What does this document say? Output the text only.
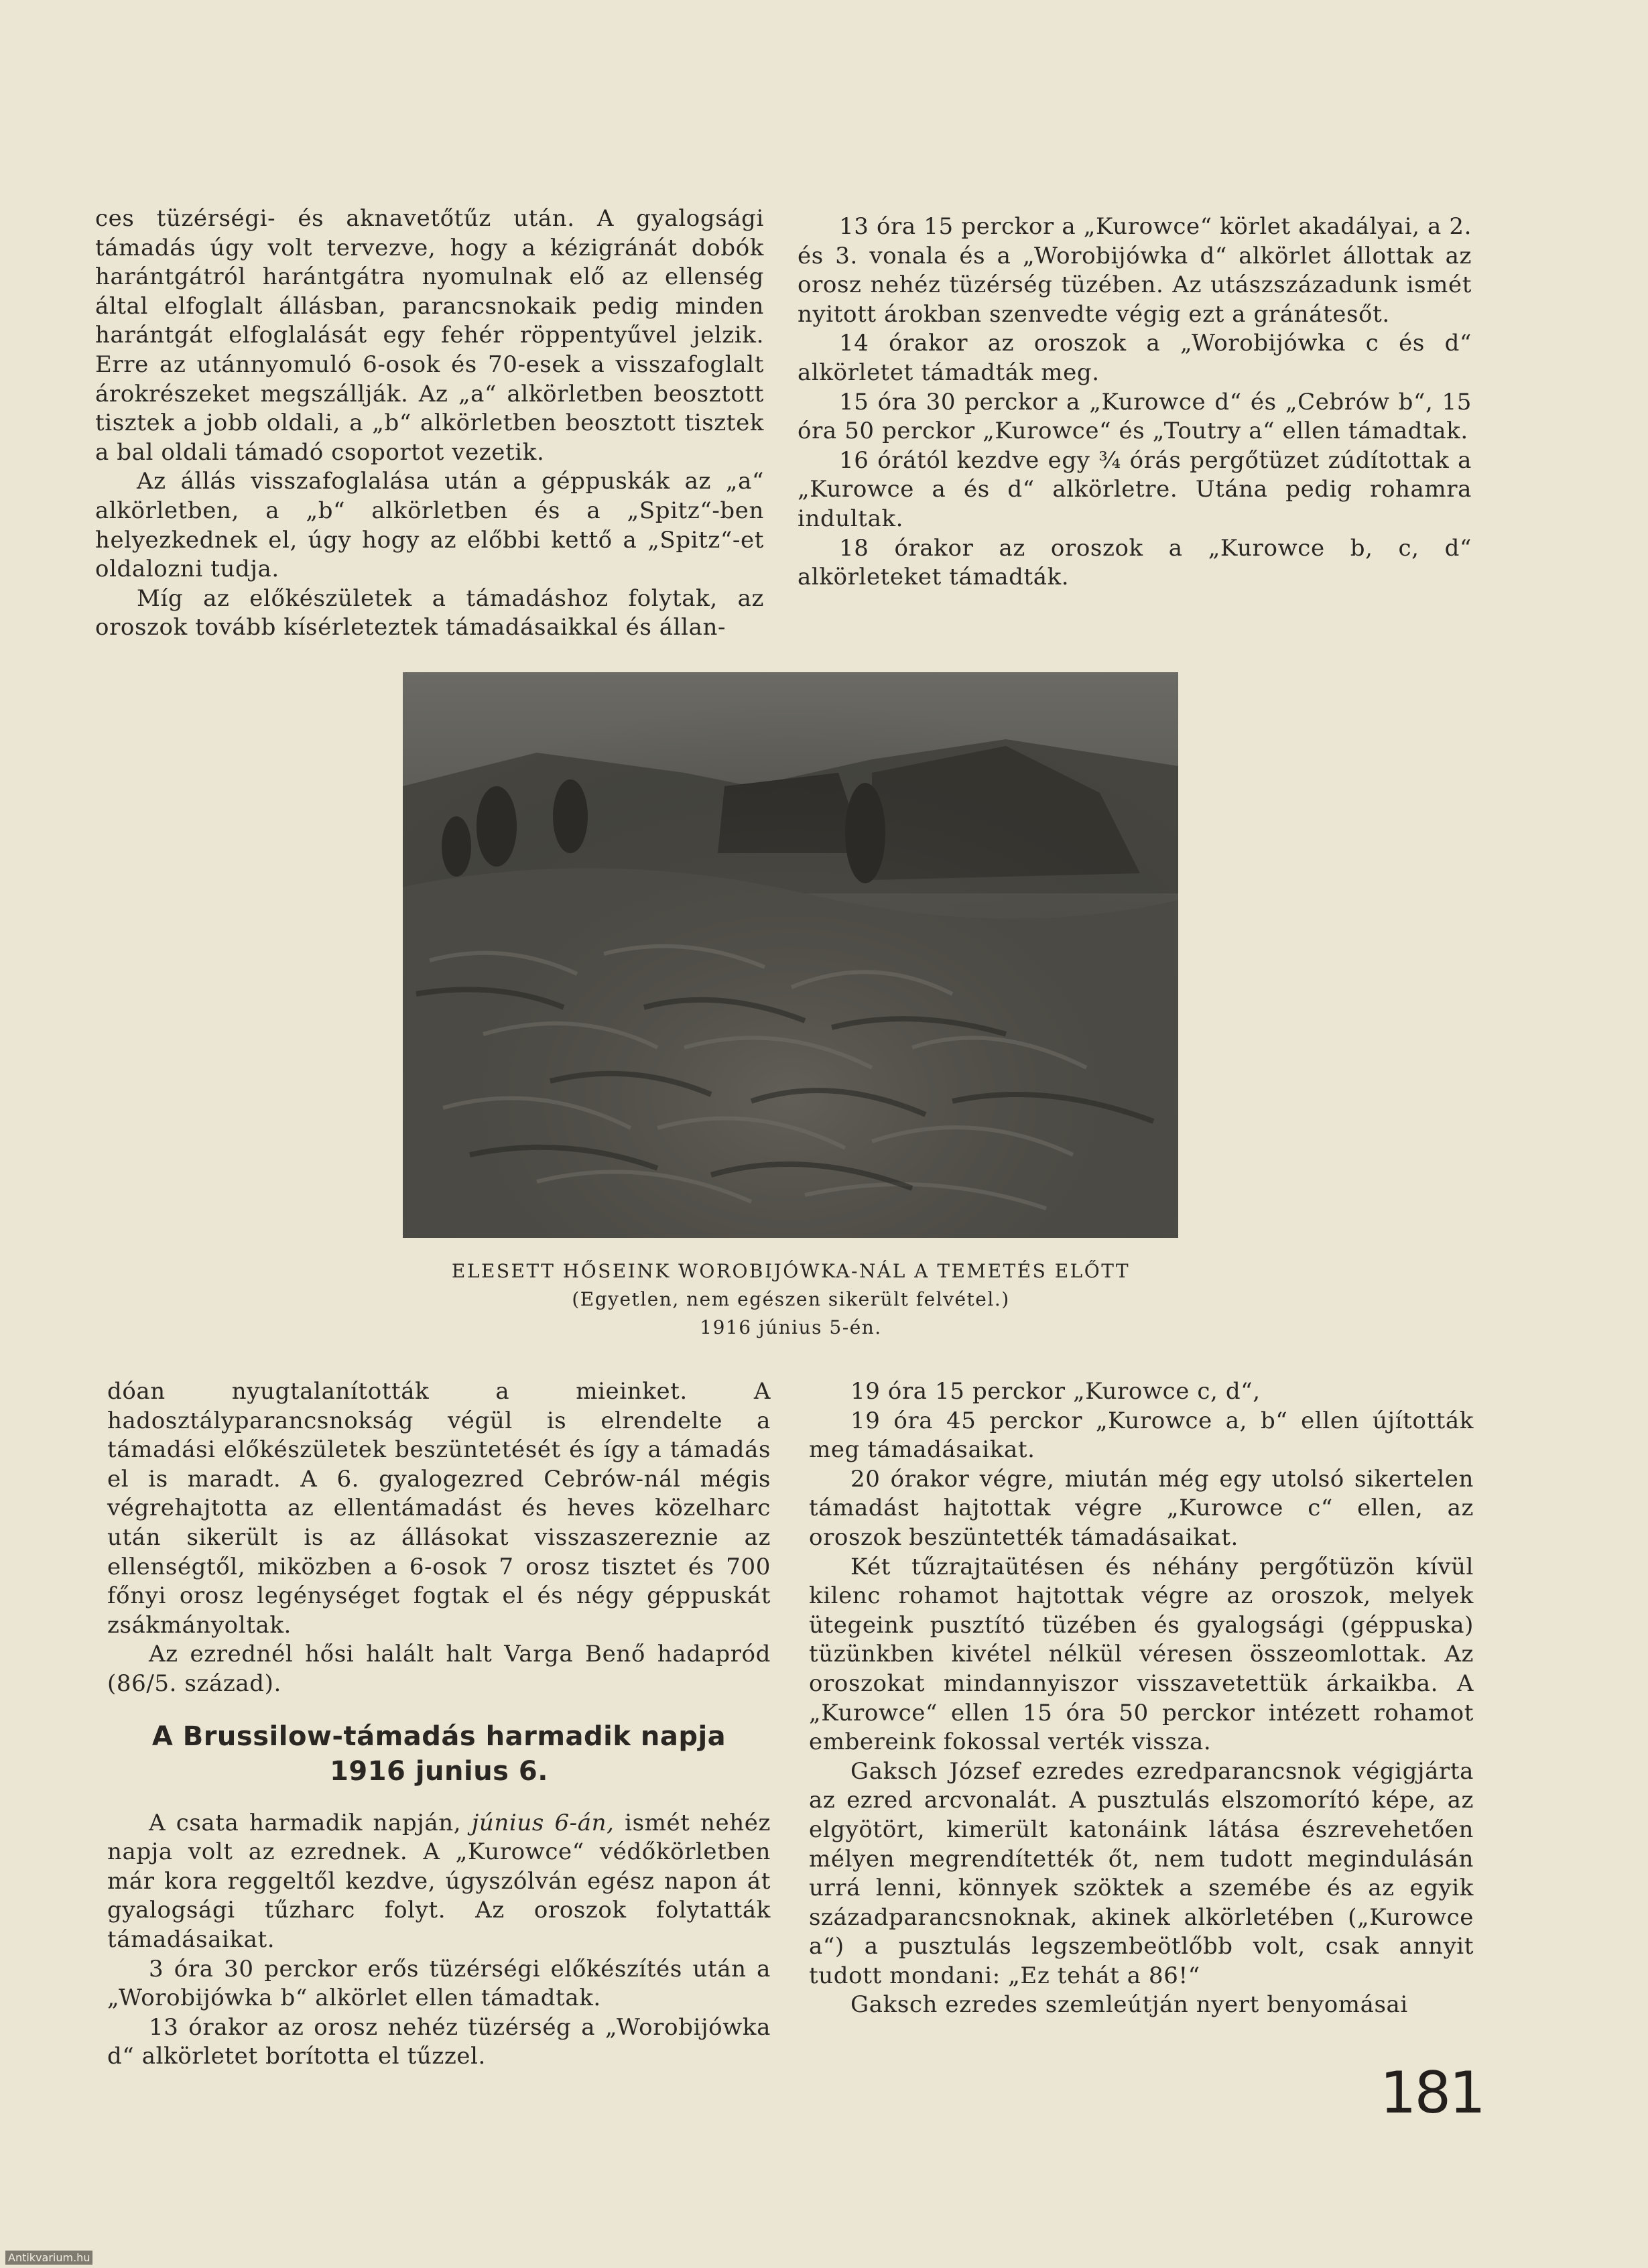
ces tüzérségi- és aknavetőtűz után. A gyalogsági támadás úgy volt tervezve, hogy a kézigránát dobók harántgátról harántgátra nyomulnak elő az ellenség által elfoglalt állásban, parancsnokaik pedig minden harántgát elfoglalását egy fehér röppentyűvel jelzik. Erre az utánnyomuló 6-osok és 70-esek a visszafoglalt árokrészeket megszállják. Az „a“ alkörletben beosztott tisztek a jobb oldali, a „b“ alkörletben beosztott tisztek a bal oldali támadó csoportot vezetik.

Az állás visszafoglalása után a géppuskák az „a“ alkörletben, a „b“ alkörletben és a „Spitz“-ben helyezkednek el, úgy hogy az előbbi kettő a „Spitz“-et oldalozni tudja.

Míg az előkészületek a támadáshoz folytak, az oroszok tovább kísérleteztek támadásaikkal és állan-

13 óra 15 perckor a „Kurowce“ körlet akadályai, a 2. és 3. vonala és a „Worobijówka d“ alkörlet állottak az orosz nehéz tüzérség tüzében. Az utászszázadunk ismét nyitott árokban szenvedte végig ezt a gránátesőt.

14 órakor az oroszok a „Worobijówka c és d“ alkörletet támadták meg.

15 óra 30 perckor a „Kurowce d“ és „Cebrów b“, 15 óra 50 perckor „Kurowce“ és „Toutry a“ ellen támadtak.

16 órától kezdve egy ¾ órás pergőtüzet zúdítottak a „Kurowce a és d“ alkörletre. Utána pedig rohamra indultak.

18 órakor az oroszok a „Kurowce b, c, d“ alkörleteket támadták.

ELESETT HŐSEINK WOROBIJÓWKA-NÁL A TEMETÉS ELŐTT
(Egyetlen, nem egészen sikerült felvétel.)
1916 június 5-én.

dóan nyugtalanították a mieinket. A hadosztályparancsnokság végül is elrendelte a támadási előkészületek beszüntetését és így a támadás el is maradt. A 6. gyalogezred Cebrów-nál mégis végrehajtotta az ellentámadást és heves közelharc után sikerült is az állásokat visszaszereznie az ellenségtől, miközben a 6-osok 7 orosz tisztet és 700 főnyi orosz legénységet fogtak el és négy géppuskát zsákmányoltak.

Az ezrednél hősi halált halt Varga Benő hadapród (86/5. század).

A Brussilow-támadás harmadik napja
1916 junius 6.

A csata harmadik napján, június 6-án, ismét nehéz napja volt az ezrednek. A „Kurowce“ védőkörletben már kora reggeltől kezdve, úgyszólván egész napon át gyalogsági tűzharc folyt. Az oroszok folytatták támadásaikat.

3 óra 30 perckor erős tüzérségi előkészítés után a „Worobijówka b“ alkörlet ellen támadtak.

13 órakor az orosz nehéz tüzérség a „Worobijówka d“ alkörletet borította el tűzzel.

19 óra 15 perckor „Kurowce c, d“,

19 óra 45 perckor „Kurowce a, b“ ellen újították meg támadásaikat.

20 órakor végre, miután még egy utolsó sikertelen támadást hajtottak végre „Kurowce c“ ellen, az oroszok beszüntették támadásaikat.

Két tűzrajtaütésen és néhány pergőtüzön kívül kilenc rohamot hajtottak végre az oroszok, melyek ütegeink pusztító tüzében és gyalogsági (géppuska) tüzünkben kivétel nélkül véresen összeomlottak. Az oroszokat mindannyiszor visszavetettük árkaikba. A „Kurowce“ ellen 15 óra 50 perckor intézett rohamot embereink fokossal verték vissza.

Gaksch József ezredes ezredparancsnok végigjárta az ezred arcvonalát. A pusztulás elszomorító képe, az elgyötört, kimerült katonáink látása észrevehetően mélyen megrendítették őt, nem tudott megindulásán urrá lenni, könnyek szöktek a szemébe és az egyik századparancsnoknak, akinek alkörletében („Kurowce a“) a pusztulás legszembeötlőbb volt, csak annyit tudott mondani: „Ez tehát a 86!“

Gaksch ezredes szemleútján nyert benyomásai

181
Antikvarium.hu
